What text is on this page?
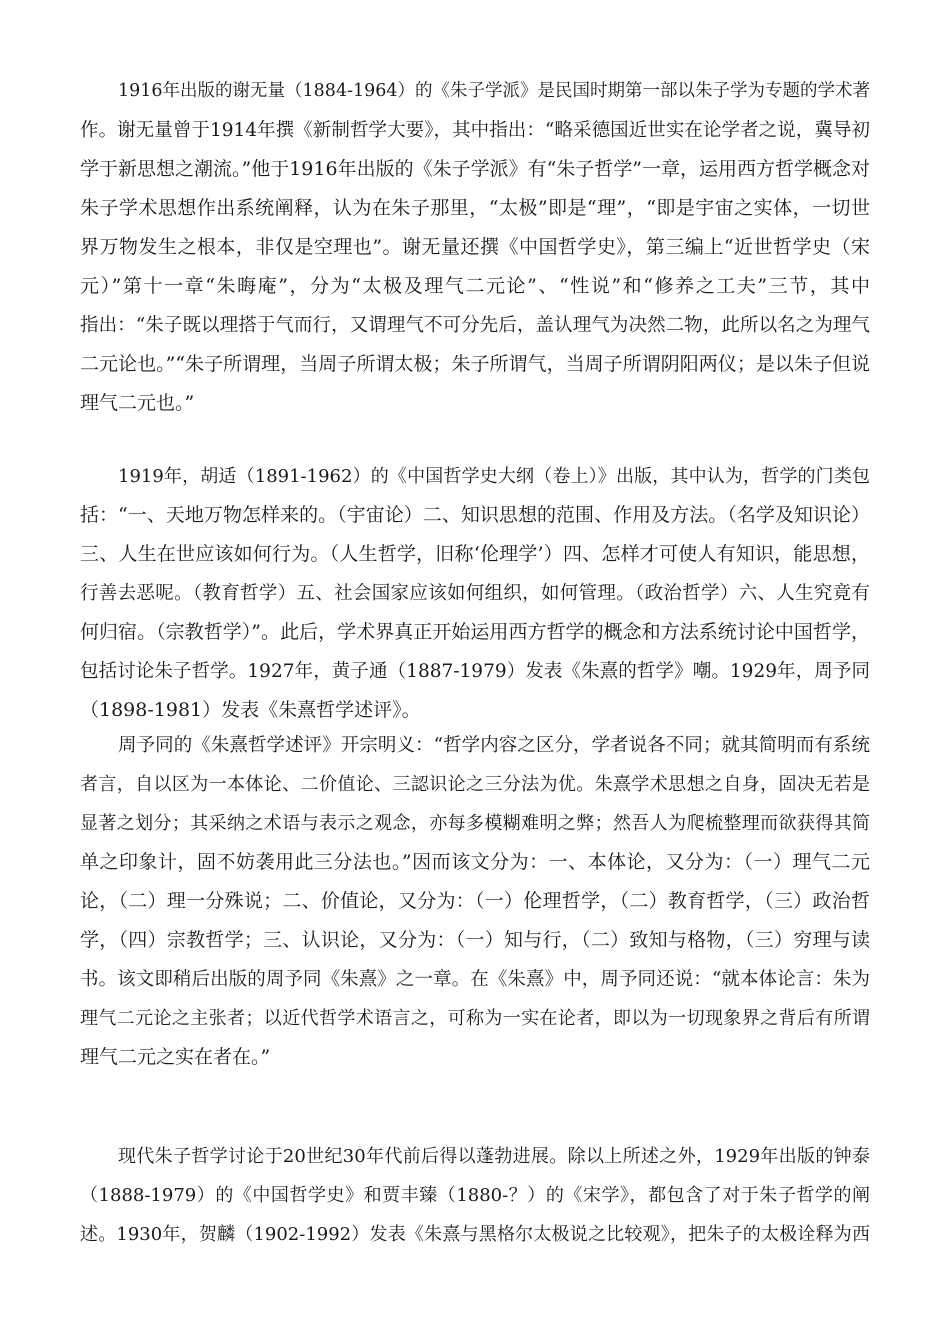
1916年出版的谢无量（1884-1964）的《朱子学派》是民国时期第一部以朱子学为专题的学术著
作。谢无量曾于1914年撰《新制哲学大要》，其中指出：“略采德国近世实在论学者之说，冀导初
学于新思想之潮流。”他于1916年出版的《朱子学派》有“朱子哲学”一章，运用西方哲学概念对
朱子学术思想作出系统阐释，认为在朱子那里，“太极”即是“理”，“即是宇宙之实体，一切世
界万物发生之根本，非仅是空理也”。谢无量还撰《中国哲学史》，第三编上“近世哲学史（宋
元）”第十一章“朱晦庵”，分为“太极及理气二元论”、“性说”和“修养之工夫”三节，其中
指出：“朱子既以理搭于气而行，又谓理气不可分先后，盖认理气为决然二物，此所以名之为理气
二元论也。”“朱子所谓理，当周子所谓太极；朱子所谓气，当周子所谓阴阳两仪；是以朱子但说
理气二元也。”
1919年，胡适（1891-1962）的《中国哲学史大纲（卷上）》出版，其中认为，哲学的门类包
括：“一、天地万物怎样来的。（宇宙论）二、知识思想的范围、作用及方法。（名学及知识论）
三、人生在世应该如何行为。（人生哲学，旧称‘伦理学’）四、怎样才可使人有知识，能思想，
行善去恶呢。（教育哲学）五、社会国家应该如何组织，如何管理。（政治哲学）六、人生究竟有
何归宿。（宗教哲学）”。此后，学术界真正开始运用西方哲学的概念和方法系统讨论中国哲学，
包括讨论朱子哲学。1927年，黄子通（1887-1979）发表《朱熹的哲学》嘲。1929年，周予同
（1898-1981）发表《朱熹哲学述评》。
周予同的《朱熹哲学述评》开宗明义：“哲学内容之区分，学者说各不同；就其简明而有系统
者言，自以区为一本体论、二价值论、三認识论之三分法为优。朱熹学术思想之自身，固决无若是
显著之划分；其采纳之术语与表示之观念，亦每多模糊难明之弊；然吾人为爬梳整理而欲获得其简
单之印象计，固不妨袭用此三分法也。”因而该文分为：一、本体论，又分为：（一）理气二元
论，（二）理一分殊说；二、价值论，又分为：（一）伦理哲学，（二）教育哲学，（三）政治哲
学，（四）宗教哲学；三、认识论，又分为：（一）知与行，（二）致知与格物，（三）穷理与读
书。该文即稍后出版的周予同《朱熹》之一章。在《朱熹》中，周予同还说：“就本体论言：朱为
理气二元论之主张者；以近代哲学术语言之，可称为一实在论者，即以为一切现象界之背后有所谓
理气二元之实在者在。”
现代朱子哲学讨论于20世纪30年代前后得以蓬勃进展。除以上所述之外，1929年出版的钟泰
（1888-1979）的《中国哲学史》和贾丰臻（1880-？）的《宋学》，都包含了对于朱子哲学的阐
述。1930年，贺麟（1902-1992）发表《朱熹与黑格尔太极说之比较观》，把朱子的太极诠释为西
